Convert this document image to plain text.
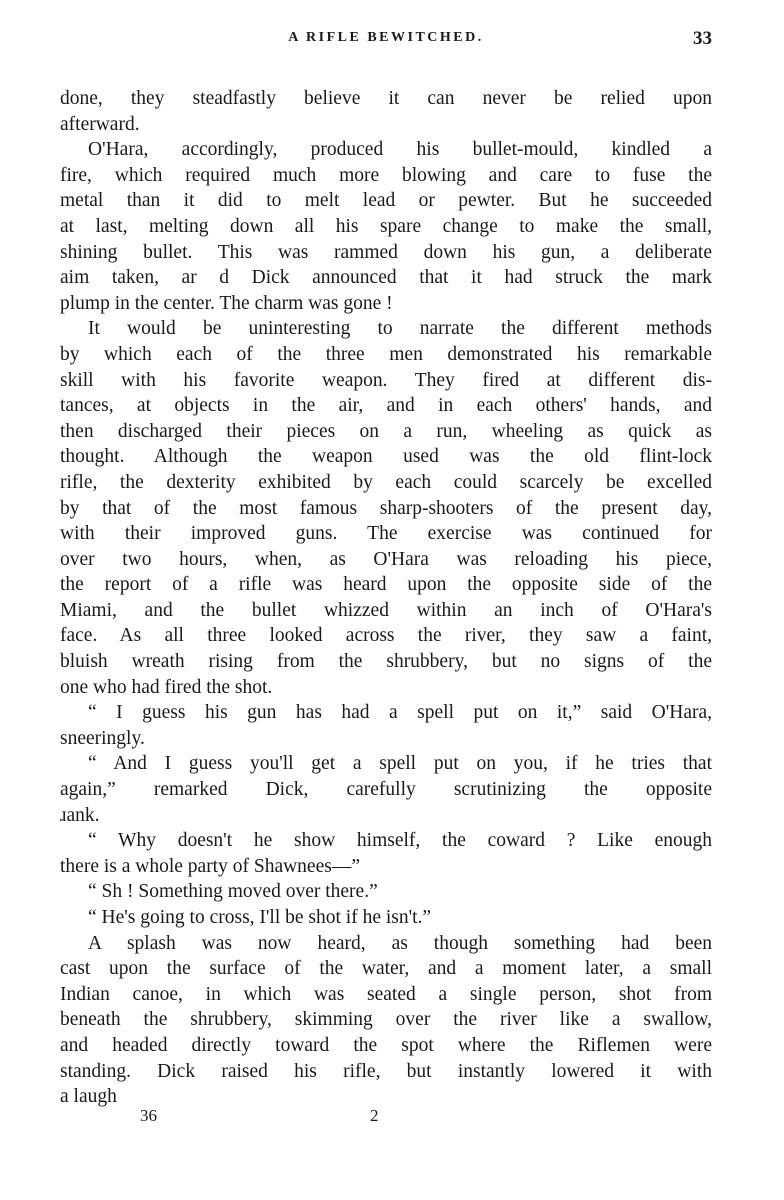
A RIFLE BEWITCHED.	33
done, they steadfastly believe it can never be relied upon
afterward.
O'Hara, accordingly, produced his bullet-mould, kindled a
fire, which required much more blowing and care to fuse the
metal than it did to melt lead or pewter. But he succeeded
at last, melting down all his spare change to make the small,
shining bullet. This was rammed down his gun, a deliberate
aim taken, ar d Dick announced that it had struck the mark
plump in the center. The charm was gone !
It would be uninteresting to narrate the different methods
by which each of the three men demonstrated his remarkable
skill with his favorite weapon. They fired at different dis-
tances, at objects in the air, and in each others' hands, and
then discharged their pieces on a run, wheeling as quick as
thought. Although the weapon used was the old flint-lock
rifle, the dexterity exhibited by each could scarcely be excelled
by that of the most famous sharp-shooters of the present day,
with their improved guns. The exercise was continued for
over two hours, when, as O'Hara was reloading his piece,
the report of a rifle was heard upon the opposite side of the
Miami, and the bullet whizzed within an inch of O'Hara's
face. As all three looked across the river, they saw a faint,
bluish wreath rising from the shrubbery, but no signs of the
one who had fired the shot.
“ I guess his gun has had a spell put on it,” said O'Hara,
sneeringly.
“ And I guess you'll get a spell put on you, if he tries that
again,” remarked Dick, carefully scrutinizing the opposite
ɹank.
“ Why doesn't he show himself, the coward ? Like enough
there is a whole party of Shawnees—”
“ Sh ! Something moved over there.”
“ He's going to cross, I'll be shot if he isn't.”
A splash was now heard, as though something had been
cast upon the surface of the water, and a moment later, a small
Indian canoe, in which was seated a single person, shot from
beneath the shrubbery, skimming over the river like a swallow,
and headed directly toward the spot where the Riflemen were
standing. Dick raised his rifle, but instantly lowered it with
a laugh
36	2
